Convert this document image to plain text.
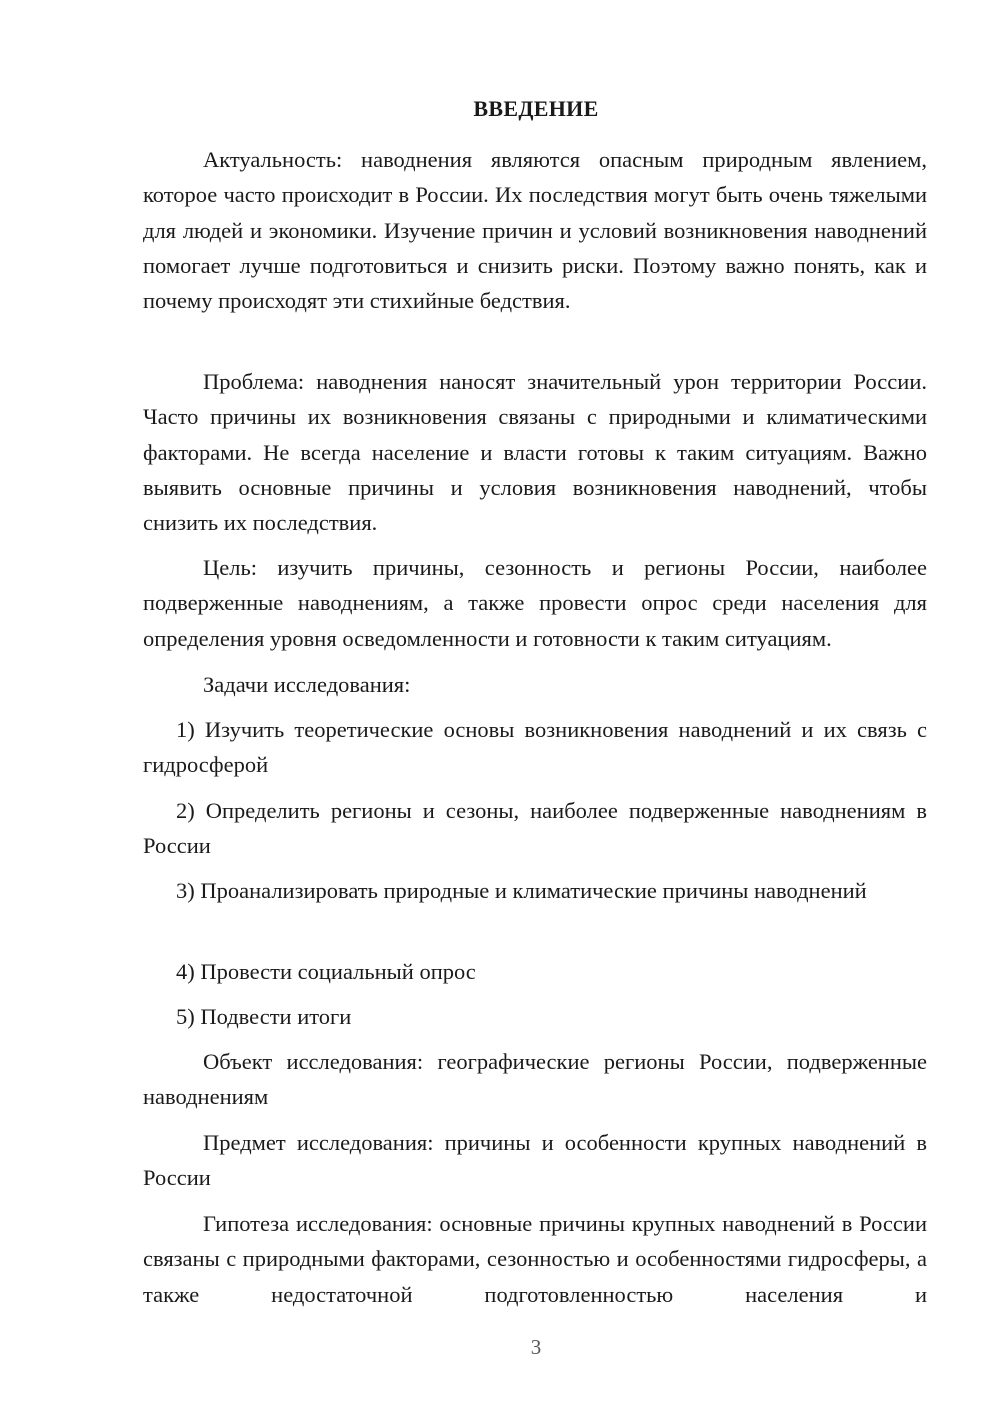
ВВЕДЕНИЕ

Актуальность: наводнения являются опасным природным явлением, которое часто происходит в России. Их последствия могут быть очень тяжелыми для людей и экономики. Изучение причин и условий возникновения наводнений помогает лучше подготовиться и снизить риски. Поэтому важно понять, как и почему происходят эти стихийные бедствия.

Проблема: наводнения наносят значительный урон территории России. Часто причины их возникновения связаны с природными и климатическими факторами. Не всегда население и власти готовы к таким ситуациям. Важно выявить основные причины и условия возникновения наводнений, чтобы снизить их последствия.

Цель: изучить причины, сезонность и регионы России, наиболее подверженные наводнениям, а также провести опрос среди населения для определения уровня осведомленности и готовности к таким ситуациям.

Задачи исследования:

1) Изучить теоретические основы возникновения наводнений и их связь с гидросферой

2) Определить регионы и сезоны, наиболее подверженные наводнениям в России

3) Проанализировать природные и климатические причины наводнений

4) Провести социальный опрос

5) Подвести итоги

Объект исследования: географические регионы России, подверженные наводнениям

Предмет исследования: причины и особенности крупных наводнений в России

Гипотеза исследования: основные причины крупных наводнений в России связаны с природными факторами, сезонностью и особенностями гидросферы, а также недостаточной подготовленностью населения и

3
